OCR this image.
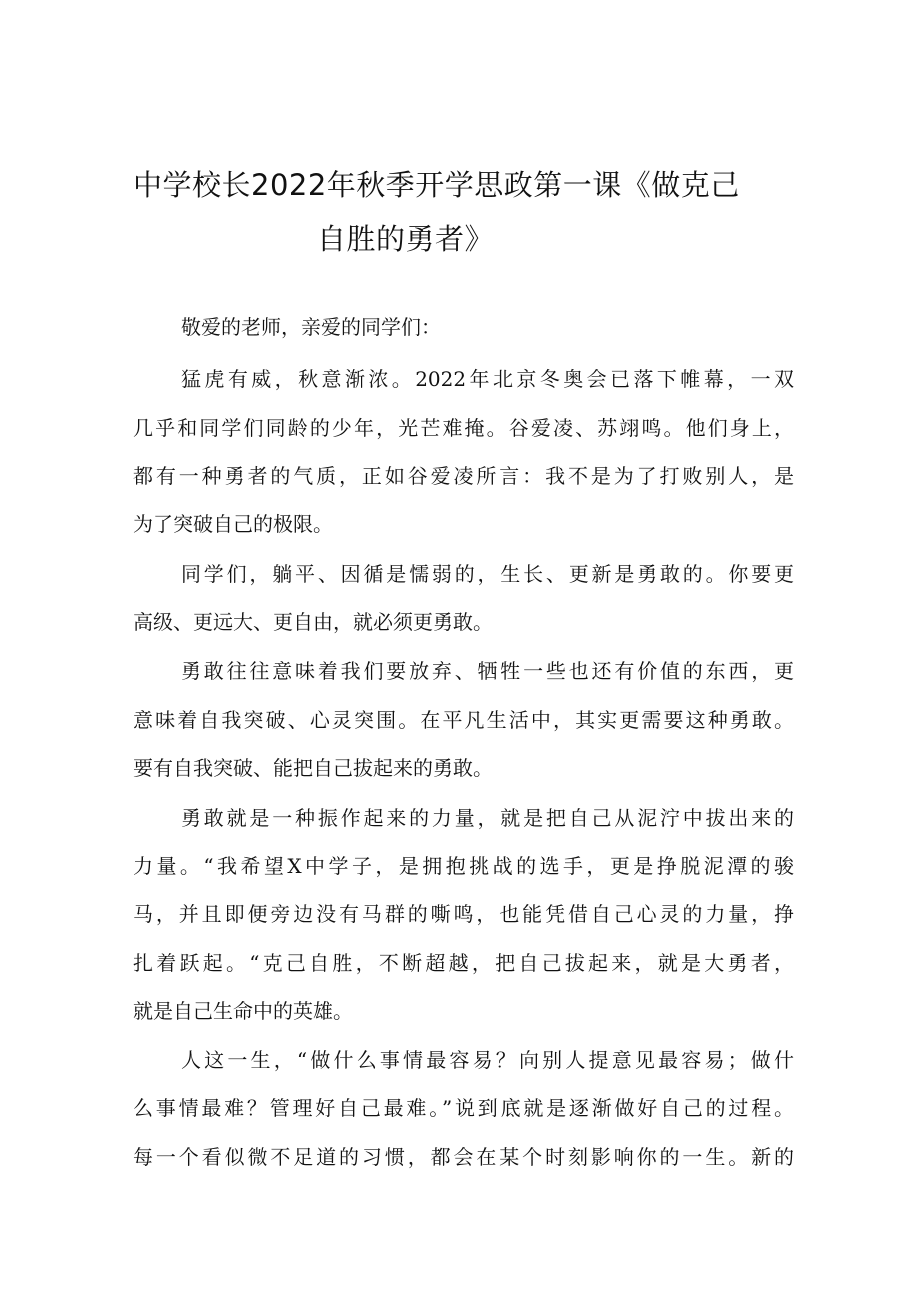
中学校长2022年秋季开学思政第一课《做克己
自胜的勇者》
敬爱的老师，亲爱的同学们：
猛虎有威，秋意渐浓。2022年北京冬奥会已落下帷幕，一双
几乎和同学们同龄的少年，光芒难掩。谷爱凌、苏翊鸣。他们身上，
都有一种勇者的气质，正如谷爱凌所言：我不是为了打败别人，是
为了突破自己的极限。
同学们，躺平、因循是懦弱的，生长、更新是勇敢的。你要更
高级、更远大、更自由，就必须更勇敢。
勇敢往往意味着我们要放弃、牺牲一些也还有价值的东西，更
意味着自我突破、心灵突围。在平凡生活中，其实更需要这种勇敢。
要有自我突破、能把自己拔起来的勇敢。
勇敢就是一种振作起来的力量，就是把自己从泥泞中拔出来的
力量。“我希望X中学子，是拥抱挑战的选手，更是挣脱泥潭的骏
马，并且即便旁边没有马群的嘶鸣，也能凭借自己心灵的力量，挣
扎着跃起。“克己自胜，不断超越，把自己拔起来，就是大勇者，
就是自己生命中的英雄。
人这一生，“做什么事情最容易？向别人提意见最容易；做什
么事情最难？管理好自己最难。”说到底就是逐渐做好自己的过程。
每一个看似微不足道的习惯，都会在某个时刻影响你的一生。新的
